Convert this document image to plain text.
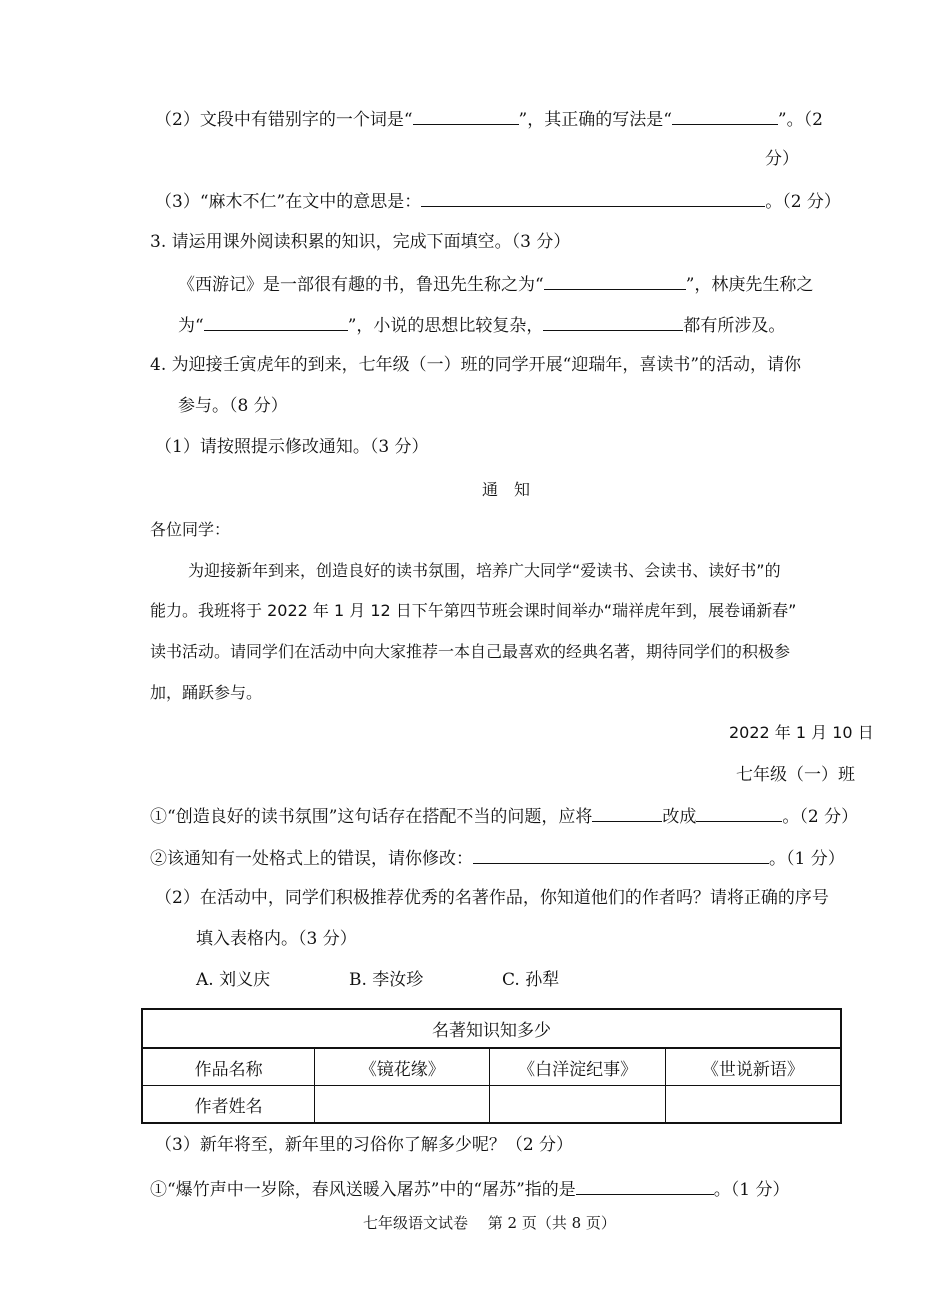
（2）文段中有错别字的一个词是“	”，其正确的写法是“	”。（2
分）
（3）“麻木不仁”在文中的意思是：	。（2 分）
3. 请运用课外阅读积累的知识，完成下面填空。（3 分）
《西游记》是一部很有趣的书，鲁迅先生称之为“	”，林庚先生称之
为“	”，小说的思想比较复杂，	都有所涉及。
4. 为迎接壬寅虎年的到来，七年级（一）班的同学开展“迎瑞年，喜读书”的活动，请你
参与。（8 分）
（1）请按照提示修改通知。（3 分）
通　知
各位同学：
为迎接新年到来，创造良好的读书氛围，培养广大同学“爱读书、会读书、读好书”的
能力。我班将于 2022 年 1 月 12 日下午第四节班会课时间举办“瑞祥虎年到，展卷诵新春”
读书活动。请同学们在活动中向大家推荐一本自己最喜欢的经典名著，期待同学们的积极参
加，踊跃参与。
2022 年 1 月 10 日
七年级（一）班
①“创造良好的读书氛围”这句话存在搭配不当的问题，应将	改成	。（2 分）
②该通知有一处格式上的错误，请你修改：	。（1 分）
（2）在活动中，同学们积极推荐优秀的名著作品，你知道他们的作者吗？请将正确的序号
填入表格内。（3 分）
A. 刘义庆	B. 李汝珍	C. 孙犁
名著知识知多少			
作品名称	《镜花缘》	《白洋淀纪事》	《世说新语》
作者姓名			
（3）新年将至，新年里的习俗你了解多少呢？（2 分）
①“爆竹声中一岁除，春风送暖入屠苏”中的“屠苏”指的是	。（1 分）
七年级语文试卷　 第 2 页（共 8 页）
